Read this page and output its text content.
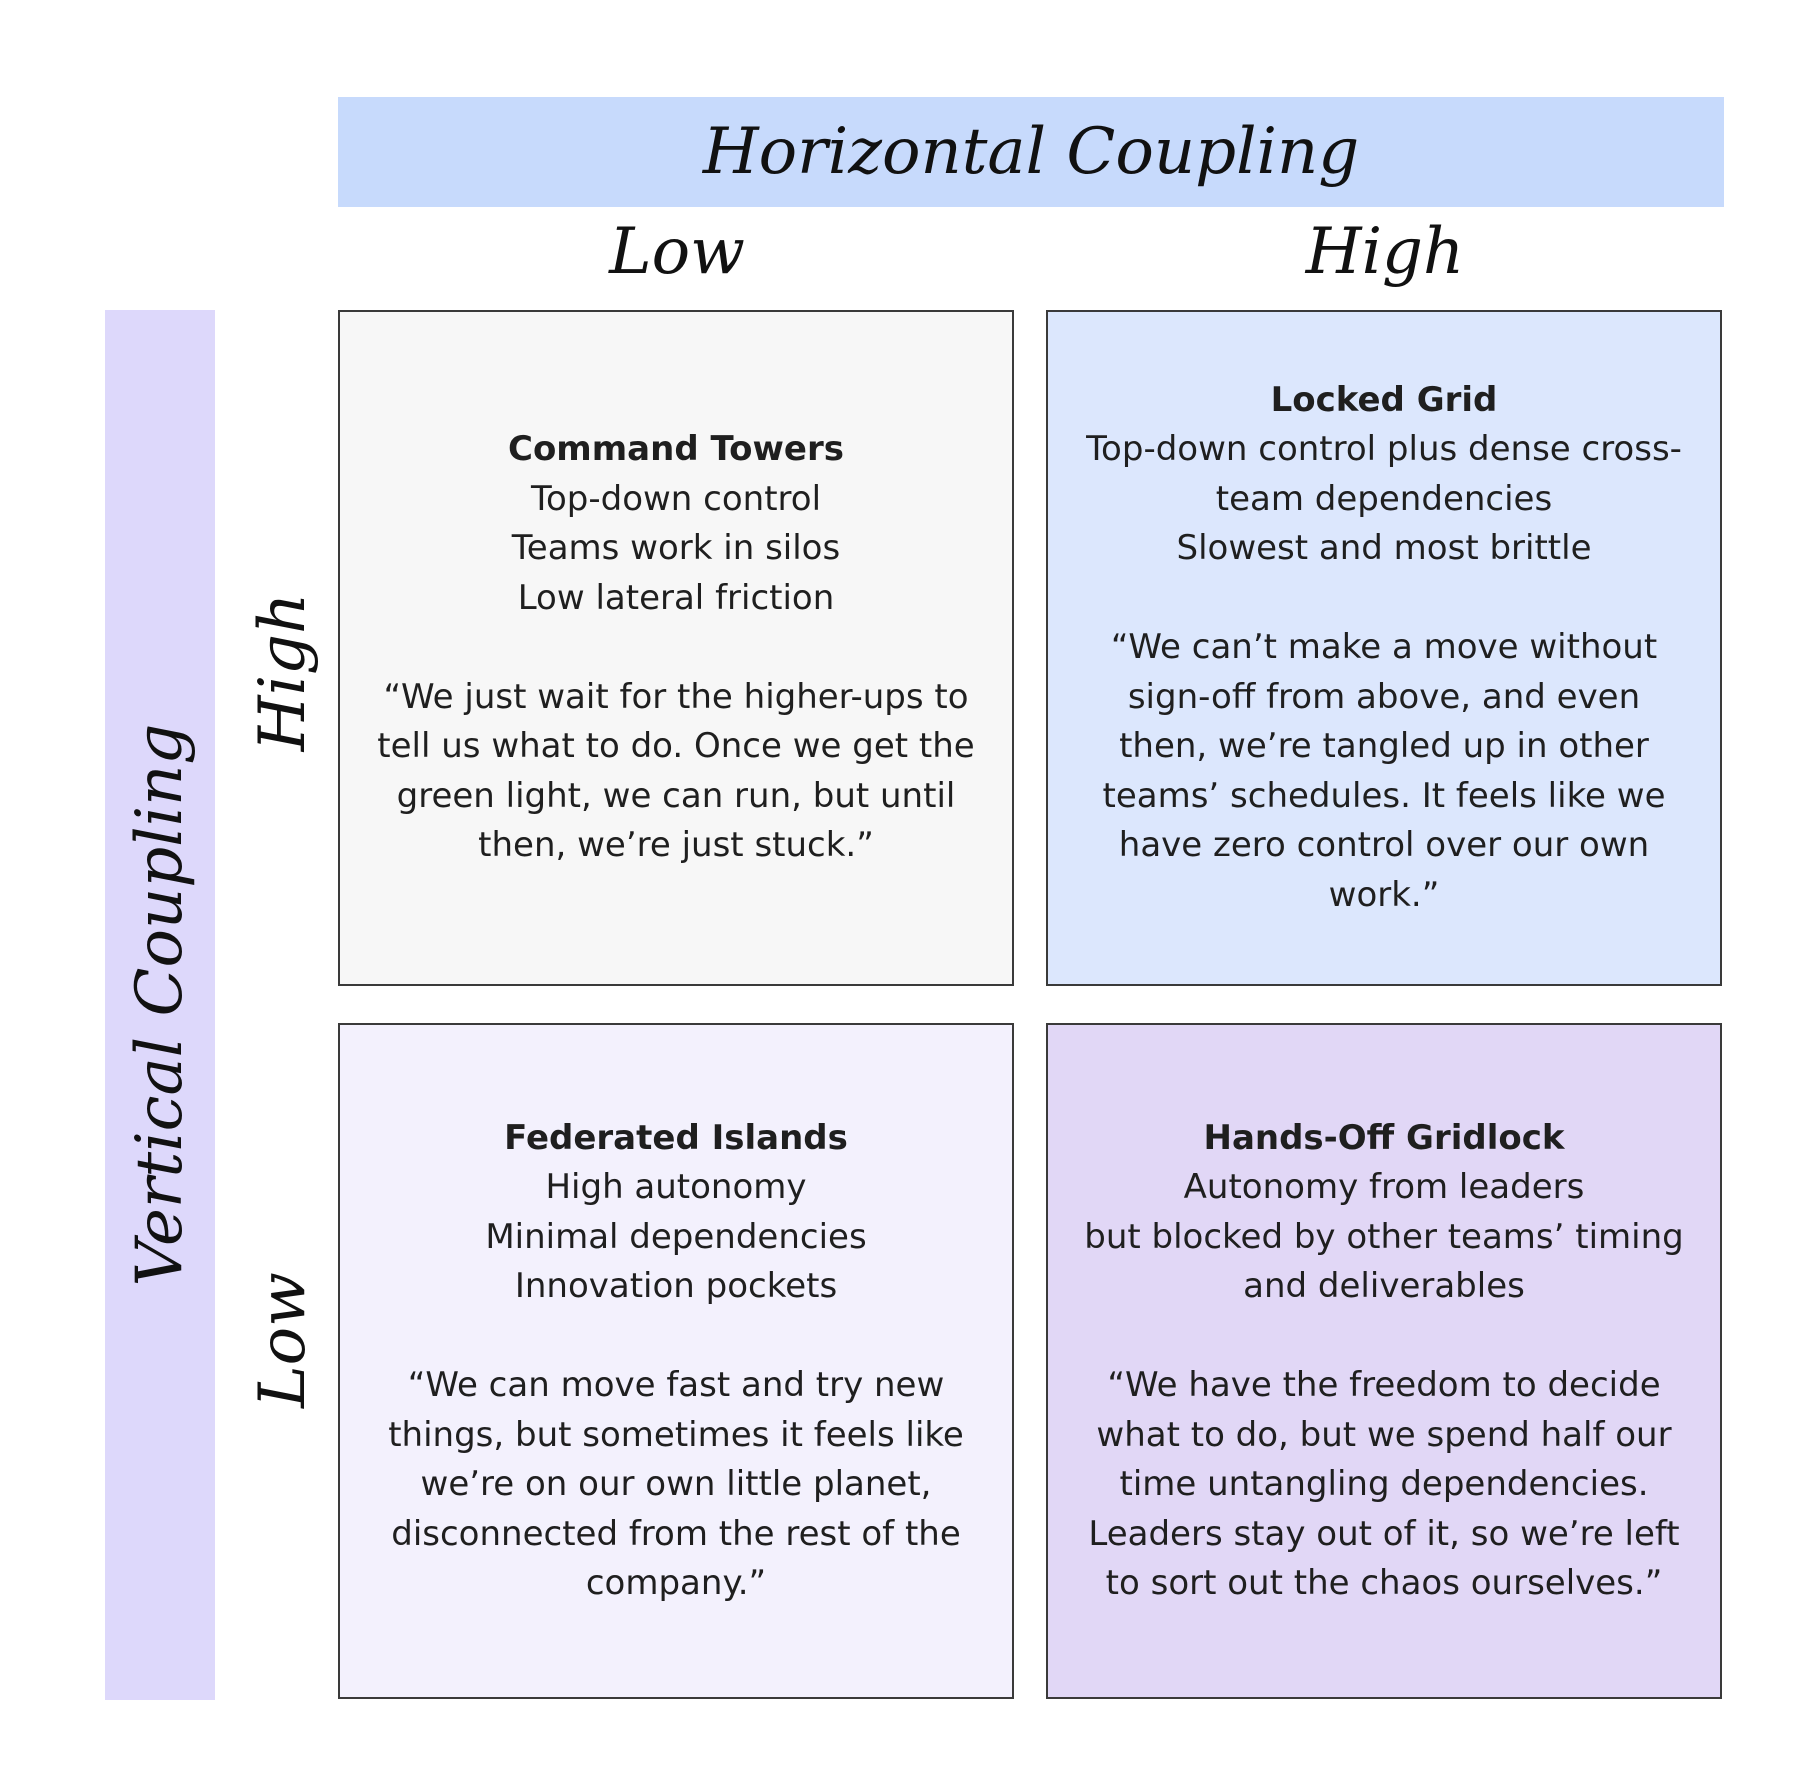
Horizontal Coupling
Vertical Coupling
Low	High
High
Low
Command Towers
Top-down control
Teams work in silos
Low lateral friction
“We just wait for the higher-ups to tell us what to do. Once we get the green light, we can run, but until then, we’re just stuck.”
Locked Grid
Top-down control plus dense cross-team dependencies
Slowest and most brittle
“We can’t make a move without sign-off from above, and even then, we’re tangled up in other teams’ schedules. It feels like we have zero control over our own work.”
Federated Islands
High autonomy
Minimal dependencies
Innovation pockets
“We can move fast and try new things, but sometimes it feels like we’re on our own little planet, disconnected from the rest of the company.”
Hands-Off Gridlock
Autonomy from leaders
but blocked by other teams’ timing and deliverables
“We have the freedom to decide what to do, but we spend half our time untangling dependencies. Leaders stay out of it, so we’re left to sort out the chaos ourselves.”
